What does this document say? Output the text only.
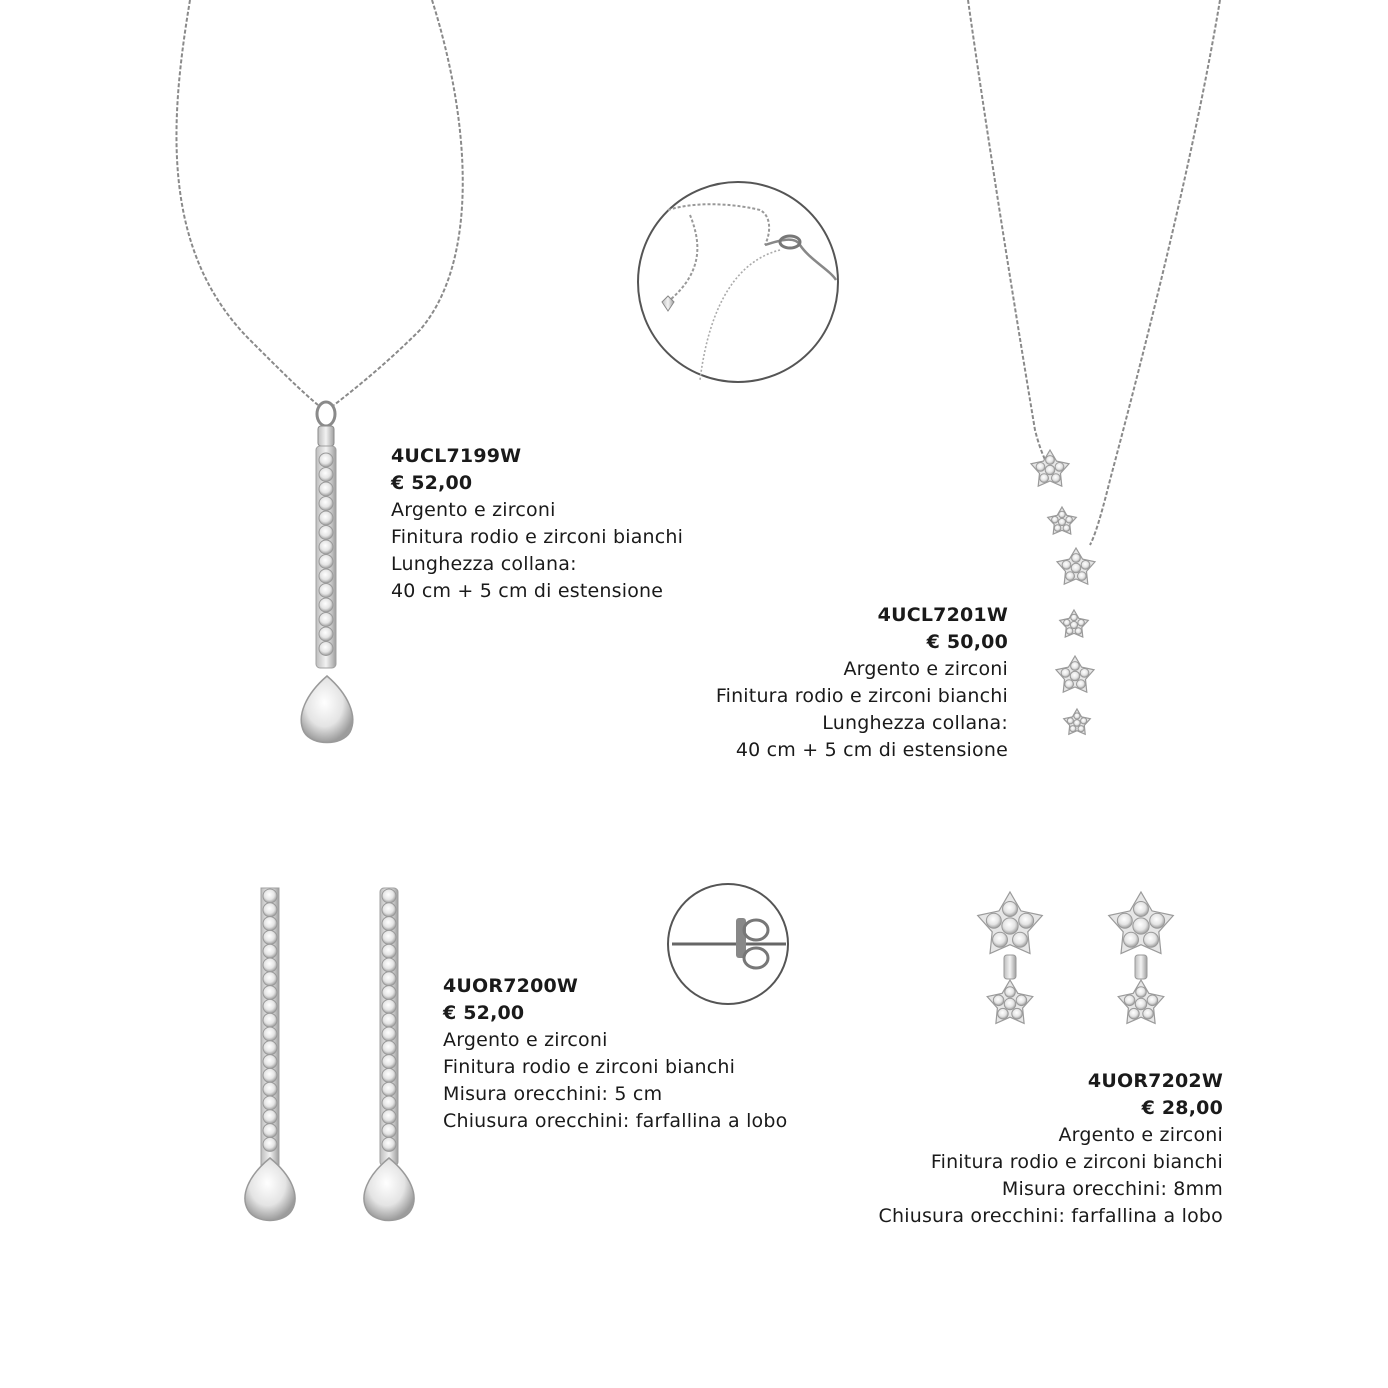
4UCL7199W
€ 52,00
Argento e zirconi
Finitura rodio e zirconi bianchi
Lunghezza collana:
40 cm + 5 cm di estensione
4UCL7201W
€ 50,00
Argento e zirconi
Finitura rodio e zirconi bianchi
Lunghezza collana:
40 cm + 5 cm di estensione
4UOR7200W
€ 52,00
Argento e zirconi
Finitura rodio e zirconi bianchi
Misura orecchini: 5 cm
Chiusura orecchini: farfallina a lobo
4UOR7202W
€ 28,00
Argento e zirconi
Finitura rodio e zirconi bianchi
Misura orecchini: 8mm
Chiusura orecchini: farfallina a lobo
